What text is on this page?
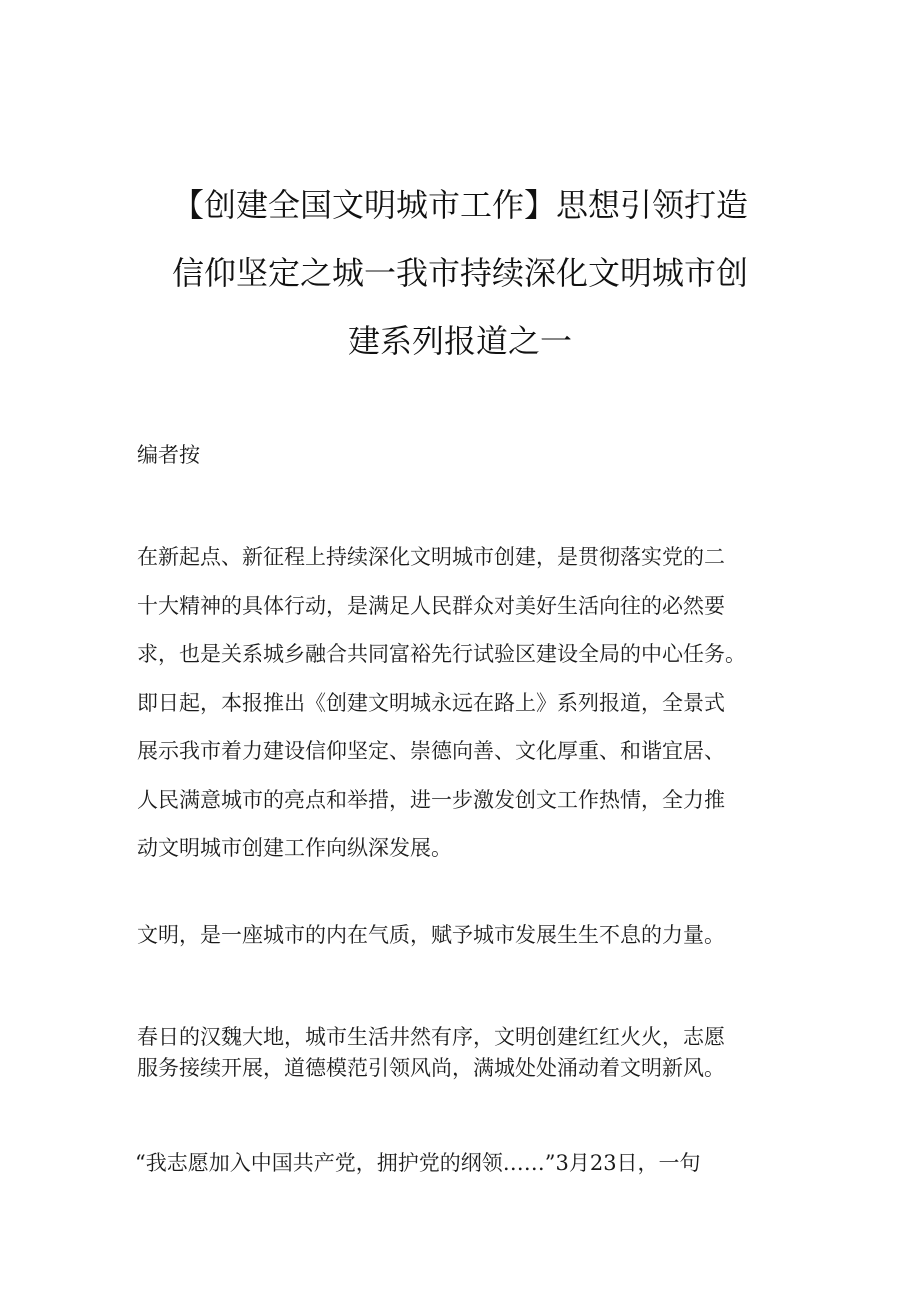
【创建全国文明城市工作】思想引领打造
信仰坚定之城一我市持续深化文明城市创
建系列报道之一

编者按

在新起点、新征程上持续深化文明城市创建，是贯彻落实党的二
十大精神的具体行动，是满足人民群众对美好生活向往的必然要
求，也是关系城乡融合共同富裕先行试验区建设全局的中心任务。
即日起，本报推出《创建文明城永远在路上》系列报道，全景式
展示我市着力建设信仰坚定、崇德向善、文化厚重、和谐宜居、
人民满意城市的亮点和举措，进一步激发创文工作热情，全力推
动文明城市创建工作向纵深发展。

文明，是一座城市的内在气质，赋予城市发展生生不息的力量。

春日的汉魏大地，城市生活井然有序，文明创建红红火火，志愿
服务接续开展，道德模范引领风尚，满城处处涌动着文明新风。

“我志愿加入中国共产党，拥护党的纲领……”3月23日，一句
